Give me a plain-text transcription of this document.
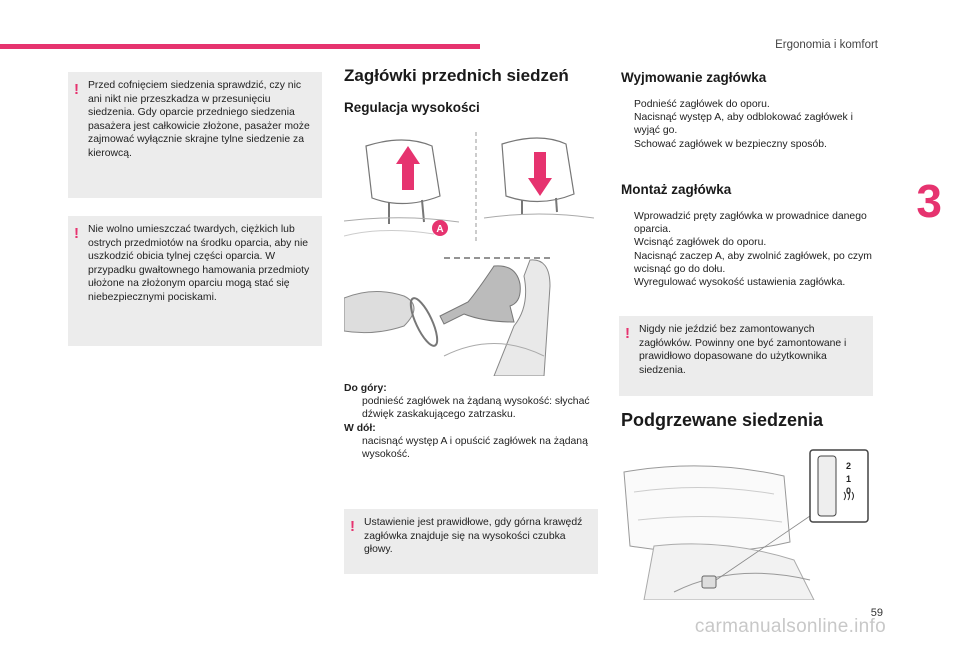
Ergonomia i komfort
3
59
carmanualsonline.info
! Przed cofnięciem siedzenia sprawdzić, czy nic ani nikt nie przeszkadza w przesunięciu siedzenia. Gdy oparcie przedniego siedzenia pasażera jest całkowicie złożone, pasażer może zajmować wyłącznie skrajne tylne siedzenie za kierowcą.

! Nie wolno umieszczać twardych, ciężkich lub ostrych przedmiotów na środku oparcia, aby nie uszkodzić obicia tylnej części oparcia. W przypadku gwałtownego hamowania przedmioty ułożone na złożonym oparciu mogą stać się niebezpiecznymi pociskami.

Zagłówki przednich siedzeń
Regulacja wysokości
A
Do góry:
podnieść zagłówek na żądaną wysokość: słychać dźwięk zaskakującego zatrzasku.
W dół:
nacisnąć występ A i opuścić zagłówek na żądaną wysokość.
! Ustawienie jest prawidłowe, gdy górna krawędź zagłówka znajduje się na wysokości czubka głowy.

Wyjmowanie zagłówka
Podnieść zagłówek do oporu.
Nacisnąć występ A, aby odblokować zagłówek i wyjąć go.
Schować zagłówek w bezpieczny sposób.
Montaż zagłówka
Wprowadzić pręty zagłówka w prowadnice danego oparcia.
Wcisnąć zagłówek do oporu.
Nacisnąć zaczep A, aby zwolnić zagłówek, po czym wcisnąć go do dołu.
Wyregulować wysokość ustawienia zagłówka.
! Nigdy nie jeździć bez zamontowanych zagłówków. Powinny one być zamontowane i prawidłowo dopasowane do użytkownika siedzenia.

Podgrzewane siedzenia
2
1
0
